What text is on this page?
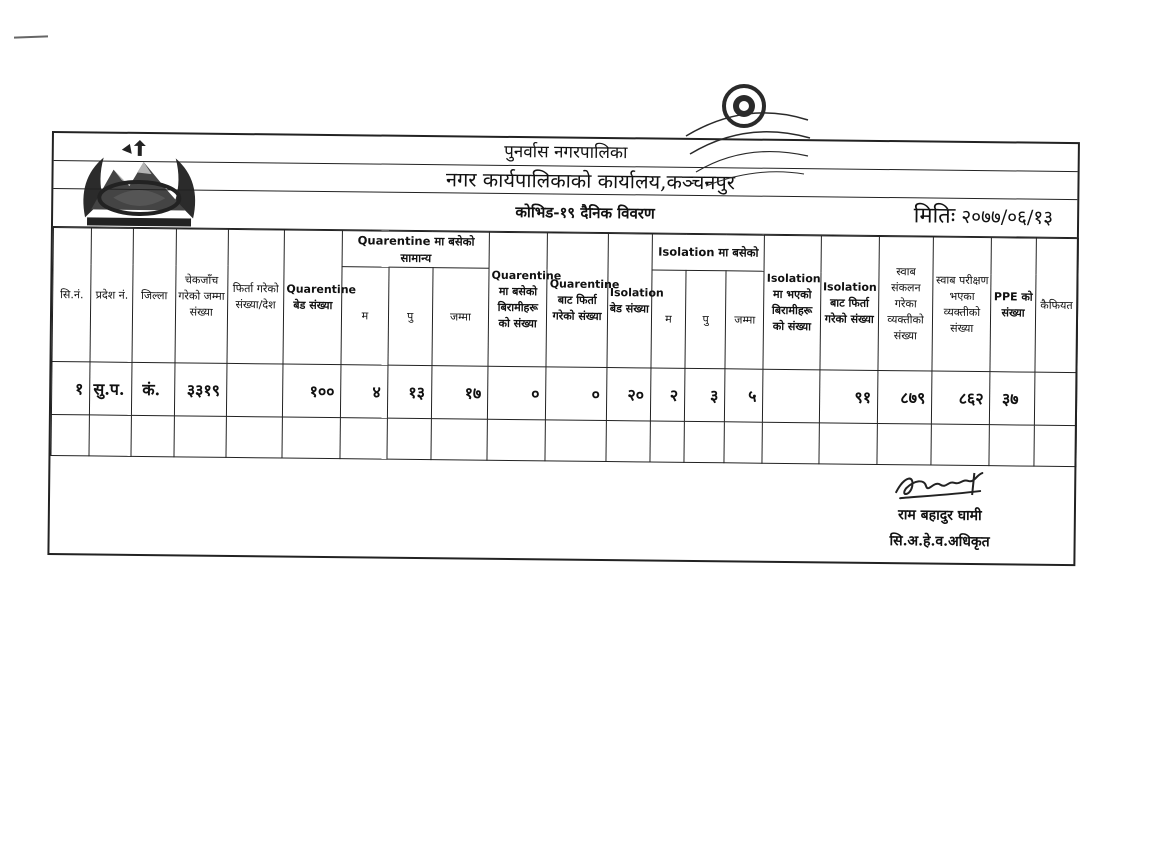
पुनर्वास नगरपालिका
नगर कार्यपालिकाको कार्यालय,कञ्चनपुर
कोभिड-१९ दैनिक विवरण	मितिः २०७७/०६/१३
सि.नं.	प्रदेश नं.	जिल्ला	चेकजाँच गरेको जम्मा संख्या	फिर्ता गरेको संख्या/देश	Quarentine बेड संख्या	Quarentine मा बसेको सामान्य			Quarentine मा बसेको बिरामीहरू को संख्या	Quarentine बाट फिर्ता गरेको संख्या	Isolation बेड संख्या	Isolation मा बसेको			Isolation मा भएको बिरामीहरू को संख्या	Isolation बाट फिर्ता गरेको संख्या	स्वाब संकलन गरेका व्यक्तीको संख्या	स्वाब परीक्षण भएका व्यक्तीको संख्या	PPE को संख्या	कैफियत
						म	पु	जम्मा				म	पु	जम्मा						
१	सु.प.	कं.	३३१९		१००	४	१३	१७	०	०	२०	२	३	५		९१	८७९	८६२	३७	

राम बहादुर घामी
सि.अ.हे.व.अधिकृत
